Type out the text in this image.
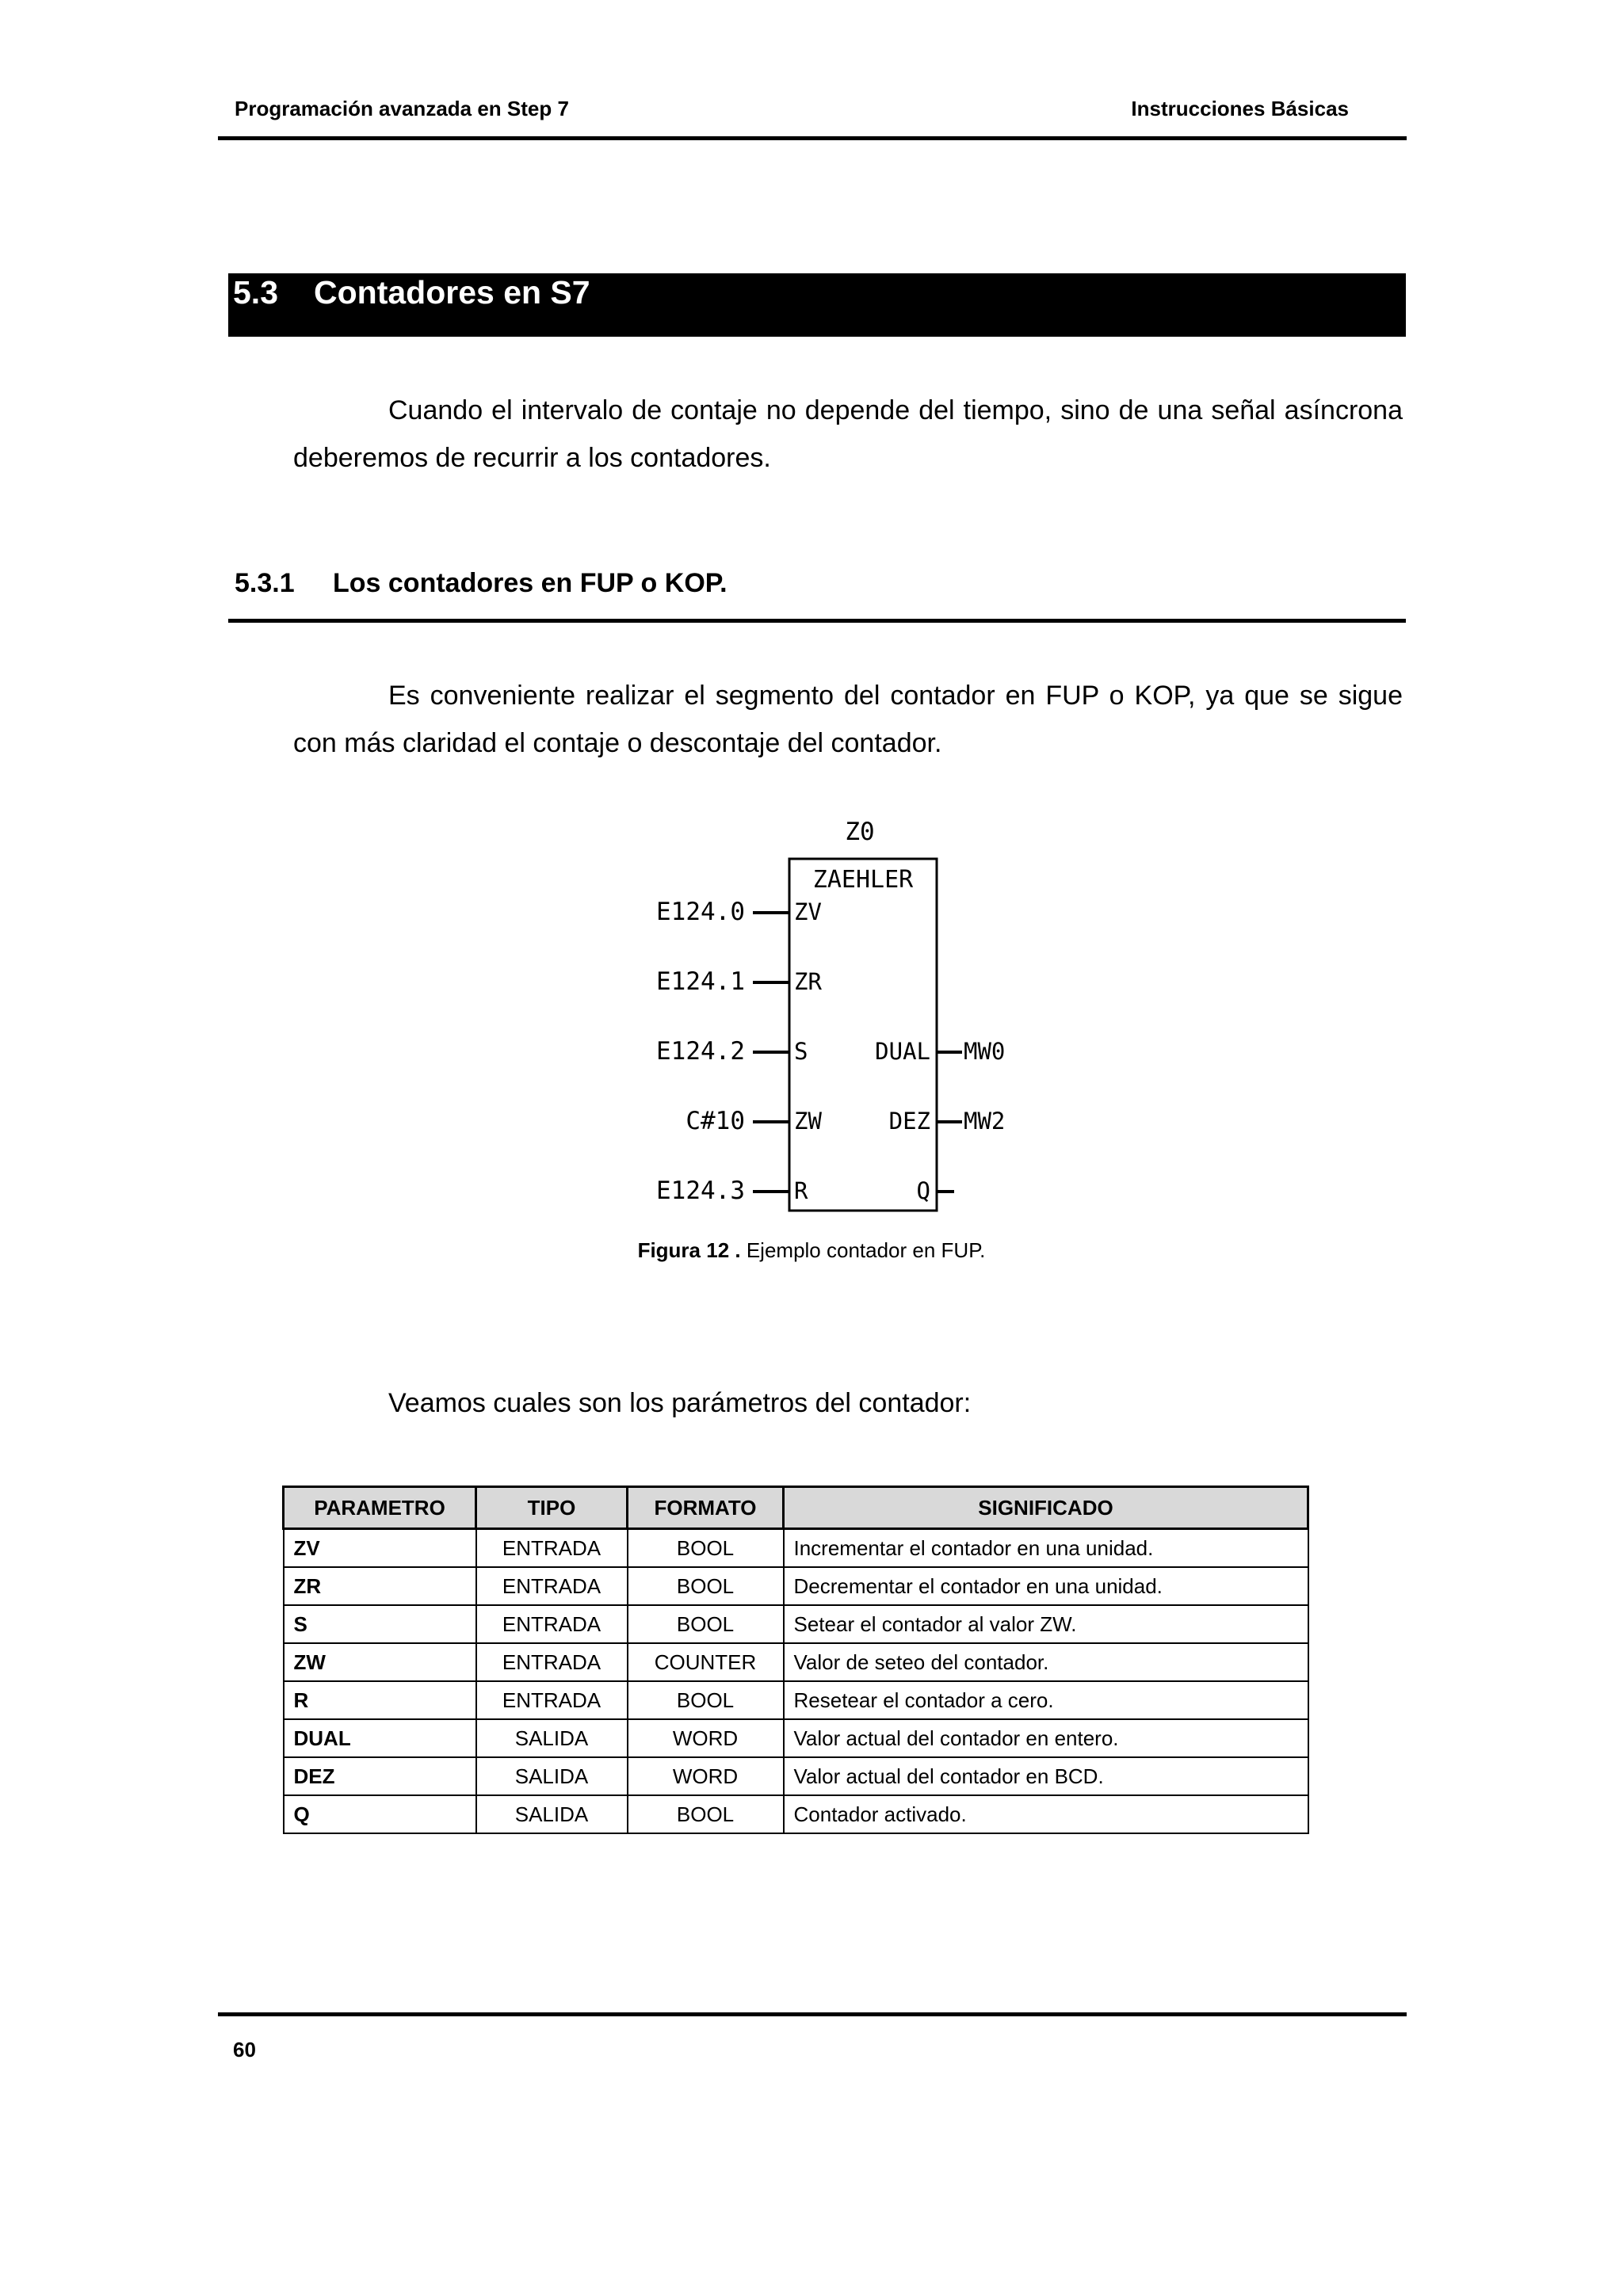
Programación avanzada en Step 7	Instrucciones Básicas
5.3 Contadores en S7
Cuando el intervalo de contaje no depende del tiempo, sino de una señal asíncrona deberemos de recurrir a los contadores.
5.3.1 Los contadores en FUP o KOP.
Es conveniente realizar el segmento del contador en FUP o KOP, ya que se sigue con más claridad el contaje o descontaje del contador.
Z0
ZAEHLER
E124.0 ZV
E124.1 ZR
E124.2 S
C#10 ZW
E124.3 R
DUAL MW0
DEZ MW2
Q
Figura 12 . Ejemplo contador en FUP.
Veamos cuales son los parámetros del contador:
PARAMETRO	TIPO	FORMATO	SIGNIFICADO
ZV	ENTRADA	BOOL	Incrementar el contador en una unidad.
ZR	ENTRADA	BOOL	Decrementar el contador en una unidad.
S	ENTRADA	BOOL	Setear el contador al valor ZW.
ZW	ENTRADA	COUNTER	Valor de seteo del contador.
R	ENTRADA	BOOL	Resetear el contador a cero.
DUAL	SALIDA	WORD	Valor actual del contador en entero.
DEZ	SALIDA	WORD	Valor actual del contador en BCD.
Q	SALIDA	BOOL	Contador activado.
60
